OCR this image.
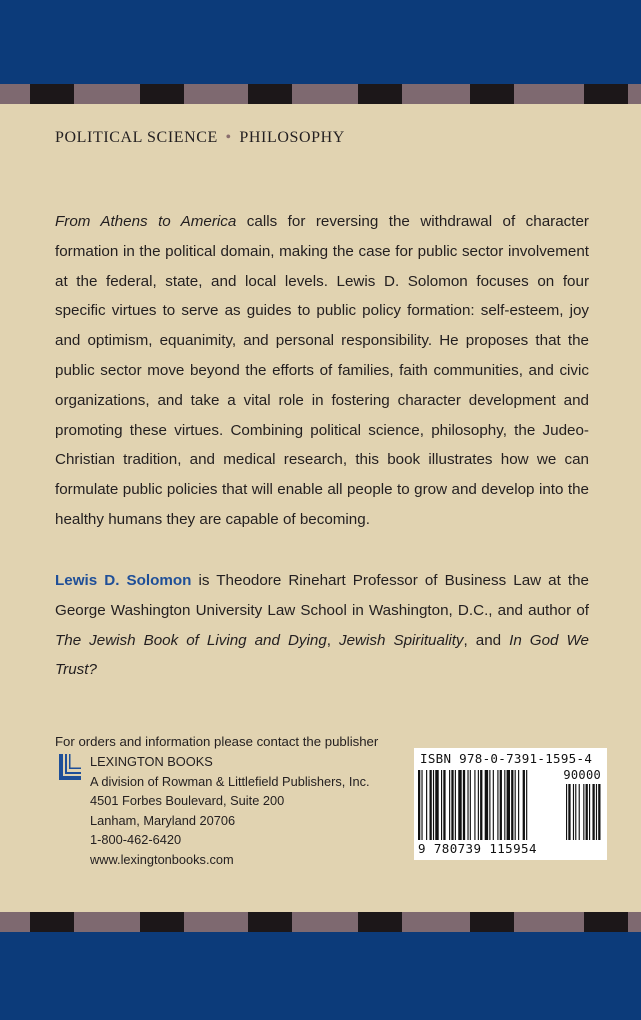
POLITICAL SCIENCE • PHILOSOPHY

From Athens to America calls for reversing the withdrawal of character formation in the political domain, making the case for public sector involvement at the federal, state, and local levels. Lewis D. Solomon focuses on four specific virtues to serve as guides to public policy formation: self-esteem, joy and optimism, equanimity, and personal responsibility. He proposes that the public sector move beyond the efforts of families, faith communities, and civic organizations, and take a vital role in fostering character development and promoting these virtues. Combining political science, philosophy, the Judeo-Christian tradition, and medical research, this book illustrates how we can formulate public policies that will enable all people to grow and develop into the healthy humans they are capable of becoming.

Lewis D. Solomon is Theodore Rinehart Professor of Business Law at the George Washington University Law School in Washington, D.C., and author of The Jewish Book of Living and Dying, Jewish Spirituality, and In God We Trust?

For orders and information please contact the publisher
LEXINGTON BOOKS
A division of Rowman & Littlefield Publishers, Inc.
4501 Forbes Boulevard, Suite 200
Lanham, Maryland 20706
1-800-462-6420
www.lexingtonbooks.com
ISBN 978-0-7391-1595-4
90000
9 780739 115954
